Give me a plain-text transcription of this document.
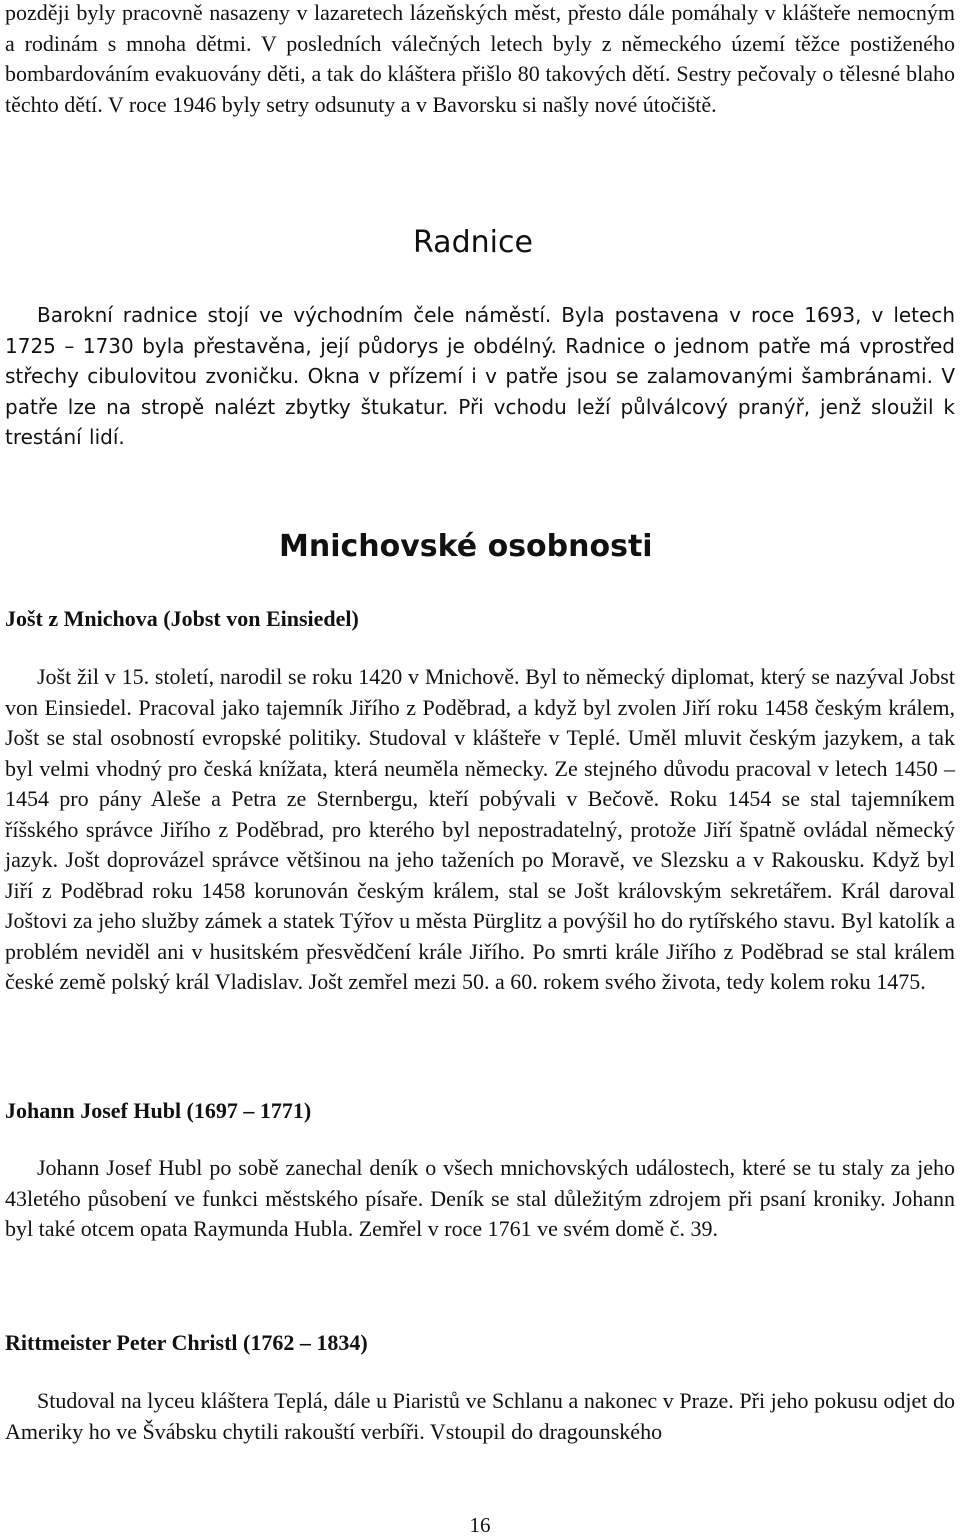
později byly pracovně nasazeny v lazaretech lázeňských měst, přesto dále pomáhaly v klášteře nemocným a rodinám s mnoha dětmi. V posledních válečných letech byly z německého území těžce postiženého bombardováním evakuovány děti, a tak do kláštera přišlo 80 takových dětí. Sestry pečovaly o tělesné blaho těchto dětí. V roce 1946 byly setry odsunuty a v Bavorsku si našly nové útočiště.

Radnice

Barokní radnice stojí ve východním čele náměstí. Byla postavena v roce 1693, v letech 1725 – 1730 byla přestavěna, její půdorys je obdélný. Radnice o jednom patře má vprostřed střechy cibulovitou zvoničku. Okna v přízemí i v patře jsou se zalamovanými šambránami. V patře lze na stropě nalézt zbytky štukatur. Při vchodu leží půlválcový pranýř, jenž sloužil k trestání lidí.

Mnichovské osobnosti
Jošt z Mnichova (Jobst von Einsiedel)

Jošt žil v 15. století, narodil se roku 1420 v Mnichově. Byl to německý diplomat, který se nazýval Jobst von Einsiedel. Pracoval jako tajemník Jiřího z Poděbrad, a když byl zvolen Jiří roku 1458 českým králem, Jošt se stal osobností evropské politiky. Studoval v klášteře v Teplé. Uměl mluvit českým jazykem, a tak byl velmi vhodný pro česká knížata, která neuměla německy. Ze stejného důvodu pracoval v letech 1450 – 1454 pro pány Aleše a Petra ze Sternbergu, kteří pobývali v Bečově. Roku 1454 se stal tajemníkem říšského správce Jiřího z Poděbrad, pro kterého byl nepostradatelný, protože Jiří špatně ovládal německý jazyk. Jošt doprovázel správce většinou na jeho taženích po Moravě, ve Slezsku a v Rakousku. Když byl Jiří z Poděbrad roku 1458 korunován českým králem, stal se Jošt královským sekretářem. Král daroval Joštovi za jeho služby zámek a statek Týřov u města Pürglitz a povýšil ho do rytířského stavu. Byl katolík a problém neviděl ani v husitském přesvědčení krále Jiřího. Po smrti krále Jiřího z Poděbrad se stal králem české země polský král Vladislav. Jošt zemřel mezi 50. a 60. rokem svého života, tedy kolem roku 1475.

Johann Josef Hubl (1697 – 1771)

Johann Josef Hubl po sobě zanechal deník o všech mnichovských událostech, které se tu staly za jeho 43letého působení ve funkci městského písaře. Deník se stal důležitým zdrojem při psaní kroniky. Johann byl také otcem opata Raymunda Hubla. Zemřel v roce 1761 ve svém domě č. 39.

Rittmeister Peter Christl (1762 – 1834)

Studoval na lyceu kláštera Teplá, dále u Piaristů ve Schlanu a nakonec v Praze. Při jeho pokusu odjet do Ameriky ho ve Švábsku chytili rakouští verbíři. Vstoupil do dragounského

16
